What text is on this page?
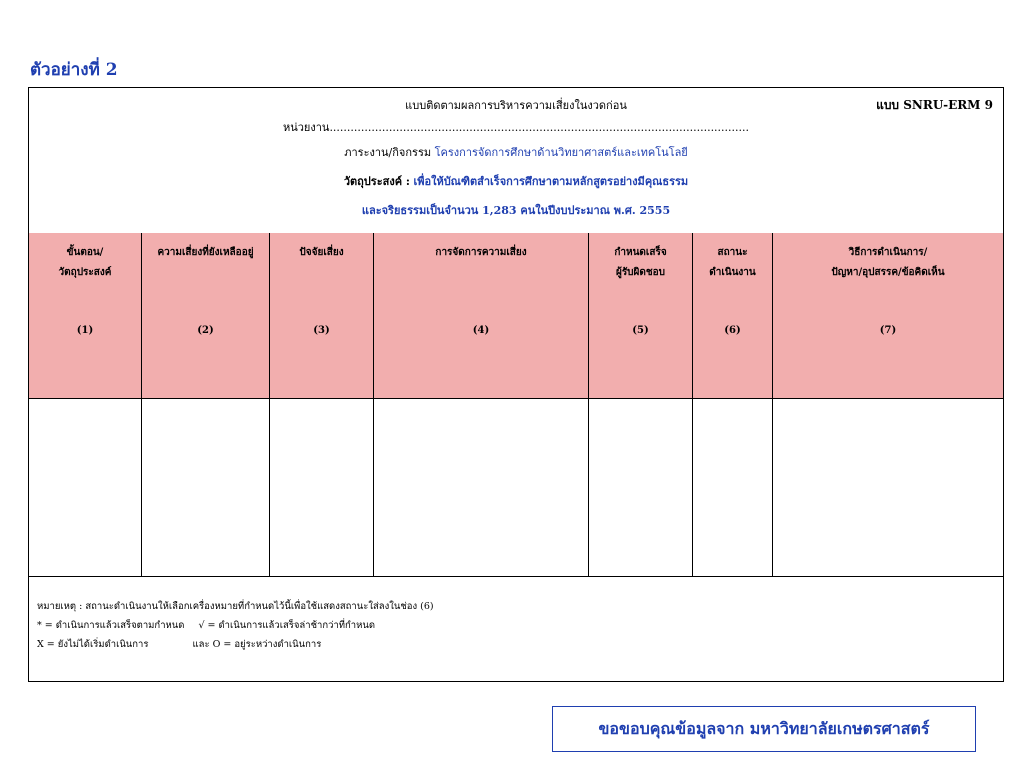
ตัวอย่างที่ 2
แบบ SNRU-ERM 9
แบบติดตามผลการบริหารความเสี่ยงในงวดก่อน
หน่วยงาน........................................................................................................................
ภาระงาน/กิจกรรม โครงการจัดการศึกษาด้านวิทยาศาสตร์และเทคโนโลยี
วัตถุประสงค์ : เพื่อให้บัณฑิตสำเร็จการศึกษาตามหลักสูตรอย่างมีคุณธรรม
และจริยธรรมเป็นจำนวน 1,283 คนในปีงบประมาณ พ.ศ. 2555
ขั้นตอน/
วัตถุประสงค์
(1)
ความเสี่ยงที่ยังเหลืออยู่
(2)
ปัจจัยเสี่ยง
(3)
การจัดการความเสี่ยง
(4)
กำหนดเสร็จ
ผู้รับผิดชอบ
(5)
สถานะ
ดำเนินงาน
(6)
วิธีการดำเนินการ/
ปัญหา/อุปสรรค/ข้อคิดเห็น
(7)
หมายเหตุ : สถานะดำเนินงานให้เลือกเครื่องหมายที่กำหนดไว้นี้เพื่อใช้แสดงสถานะใส่ลงในช่อง (6)
* = ดำเนินการแล้วเสร็จตามกำหนด √ = ดำเนินการแล้วเสร็จล่าช้ากว่าที่กำหนด
X = ยังไม่ได้เริ่มดำเนินการ	และ O = อยู่ระหว่างดำเนินการ
ขอขอบคุณข้อมูลจาก มหาวิทยาลัยเกษตรศาสตร์
